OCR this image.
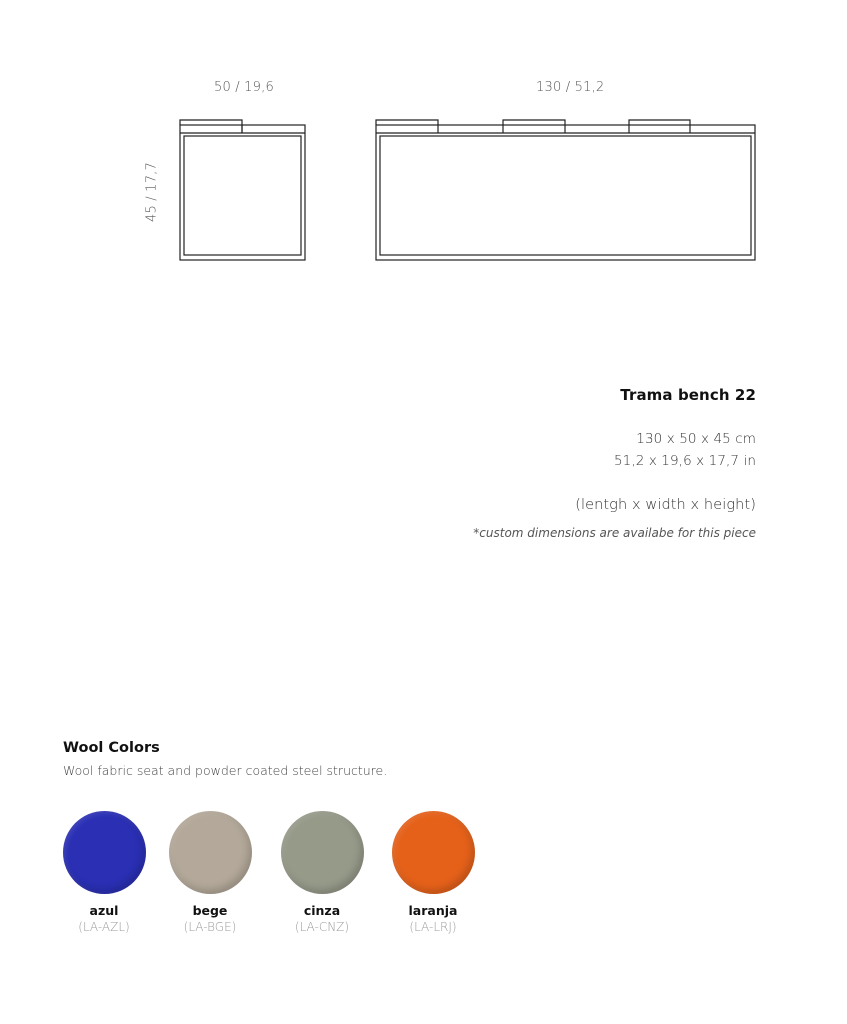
50 / 19,6	130 / 51,2
45 / 17,7
Trama bench 22
130 x 50 x 45 cm
51,2 x 19,6 x 17,7 in
(lentgh x width x height)
*custom dimensions are availabe for this piece
Wool Colors
Wool fabric seat and powder coated steel structure.
azul
(LA-AZL)
bege
(LA-BGE)
cinza
(LA-CNZ)
laranja
(LA-LRJ)
